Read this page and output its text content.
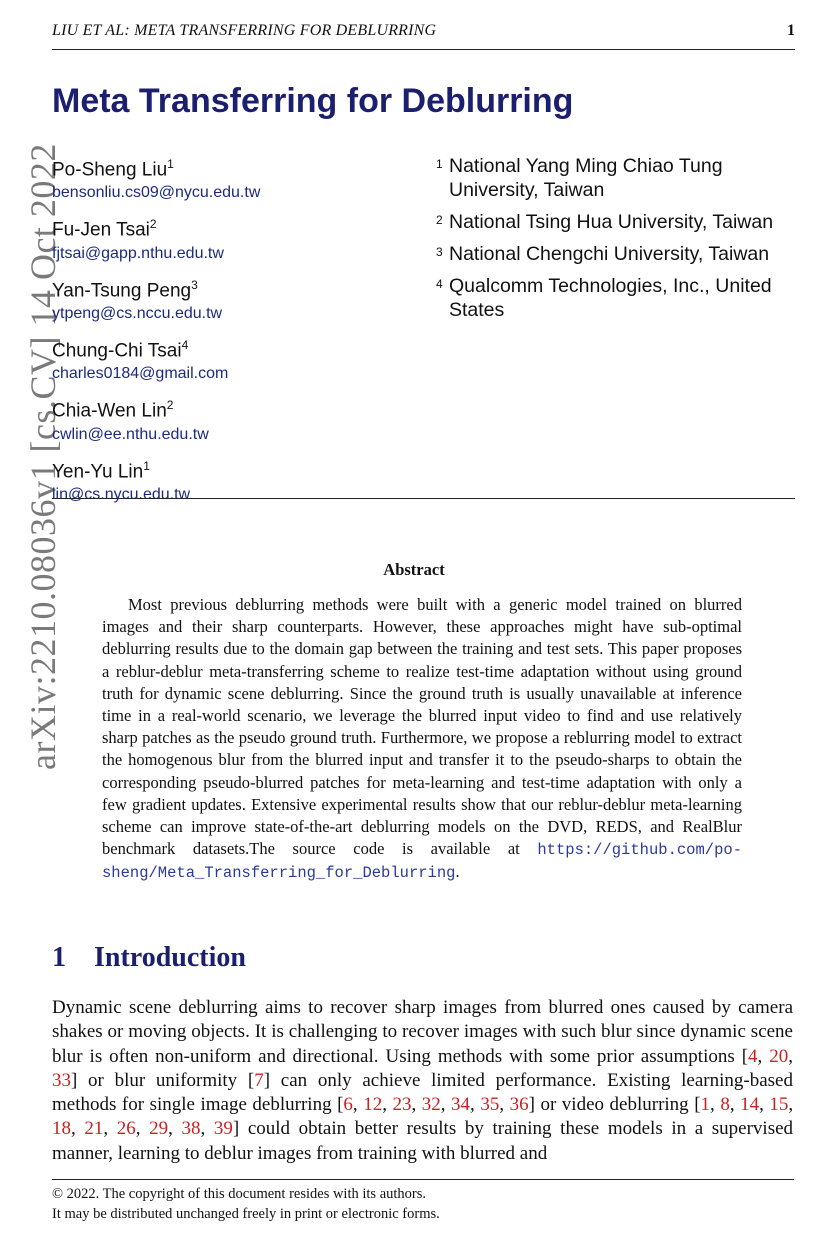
LIU ET AL: META TRANSFERRING FOR DEBLURRING	1
arXiv:2210.08036v1 [cs.CV] 14 Oct 2022
Meta Transferring for Deblurring
Po-Sheng Liu$^1$
bensonliu.cs09@nycu.edu.tw
Fu-Jen Tsai$^2$
fjtsai@gapp.nthu.edu.tw
Yan-Tsung Peng$^3$
ytpeng@cs.nccu.edu.tw
Chung-Chi Tsai$^4$
charles0184@gmail.com
Chia-Wen Lin$^2$
cwlin@ee.nthu.edu.tw
Yen-Yu Lin$^1$
lin@cs.nycu.edu.tw
1 National Yang Ming Chiao Tung University, Taiwan
2 National Tsing Hua University, Taiwan
3 National Chengchi University, Taiwan
4 Qualcomm Technologies, Inc., United States
Abstract
Most previous deblurring methods were built with a generic model trained on blurred images and their sharp counterparts. However, these approaches might have sub-optimal deblurring results due to the domain gap between the training and test sets. This paper proposes a reblur-deblur meta-transferring scheme to realize test-time adaptation without using ground truth for dynamic scene deblurring. Since the ground truth is usually unavailable at inference time in a real-world scenario, we leverage the blurred input video to find and use relatively sharp patches as the pseudo ground truth. Furthermore, we propose a reblurring model to extract the homogenous blur from the blurred input and transfer it to the pseudo-sharps to obtain the corresponding pseudo-blurred patches for meta-learning and test-time adaptation with only a few gradient updates. Extensive experimental results show that our reblur-deblur meta-learning scheme can improve state-of-the-art deblurring models on the DVD, REDS, and RealBlur benchmark datasets.The source code is available at https://github.com/po-sheng/Meta_Transferring_for_Deblurring.
1 Introduction
Dynamic scene deblurring aims to recover sharp images from blurred ones caused by camera shakes or moving objects. It is challenging to recover images with such blur since dynamic scene blur is often non-uniform and directional. Using methods with some prior assumptions [4, 20, 33] or blur uniformity [7] can only achieve limited performance. Existing learning-based methods for single image deblurring [6, 12, 23, 32, 34, 35, 36] or video deblurring [1, 8, 14, 15, 18, 21, 26, 29, 38, 39] could obtain better results by training these models in a supervised manner, learning to deblur images from training with blurred and
© 2022. The copyright of this document resides with its authors.
It may be distributed unchanged freely in print or electronic forms.
